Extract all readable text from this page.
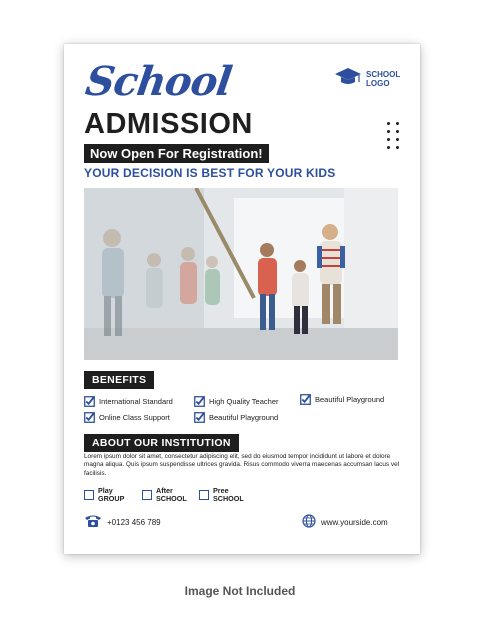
School
ADMISSION
SCHOOL
LOGO
Now Open For Registration!
YOUR DECISION IS BEST FOR YOUR KIDS
BENEFITS
International Standard	High Quality Teacher	Beautiful Playground
Online Class Support	Beautiful Playground
ABOUT OUR INSTITUTION
Lorem ipsum dolor sit amet, consectetur adipiscing elit, sed do eiusmod tempor incididunt ut labore et dolore magna aliqua. Quis ipsum suspendisse ultrices gravida. Risus commodo viverra maecenas accumsan lacus vel facilisis.
Play
GROUP
After
SCHOOL
Pree
SCHOOL
+0123 456 789	www.yourside.com
Image Not Included
